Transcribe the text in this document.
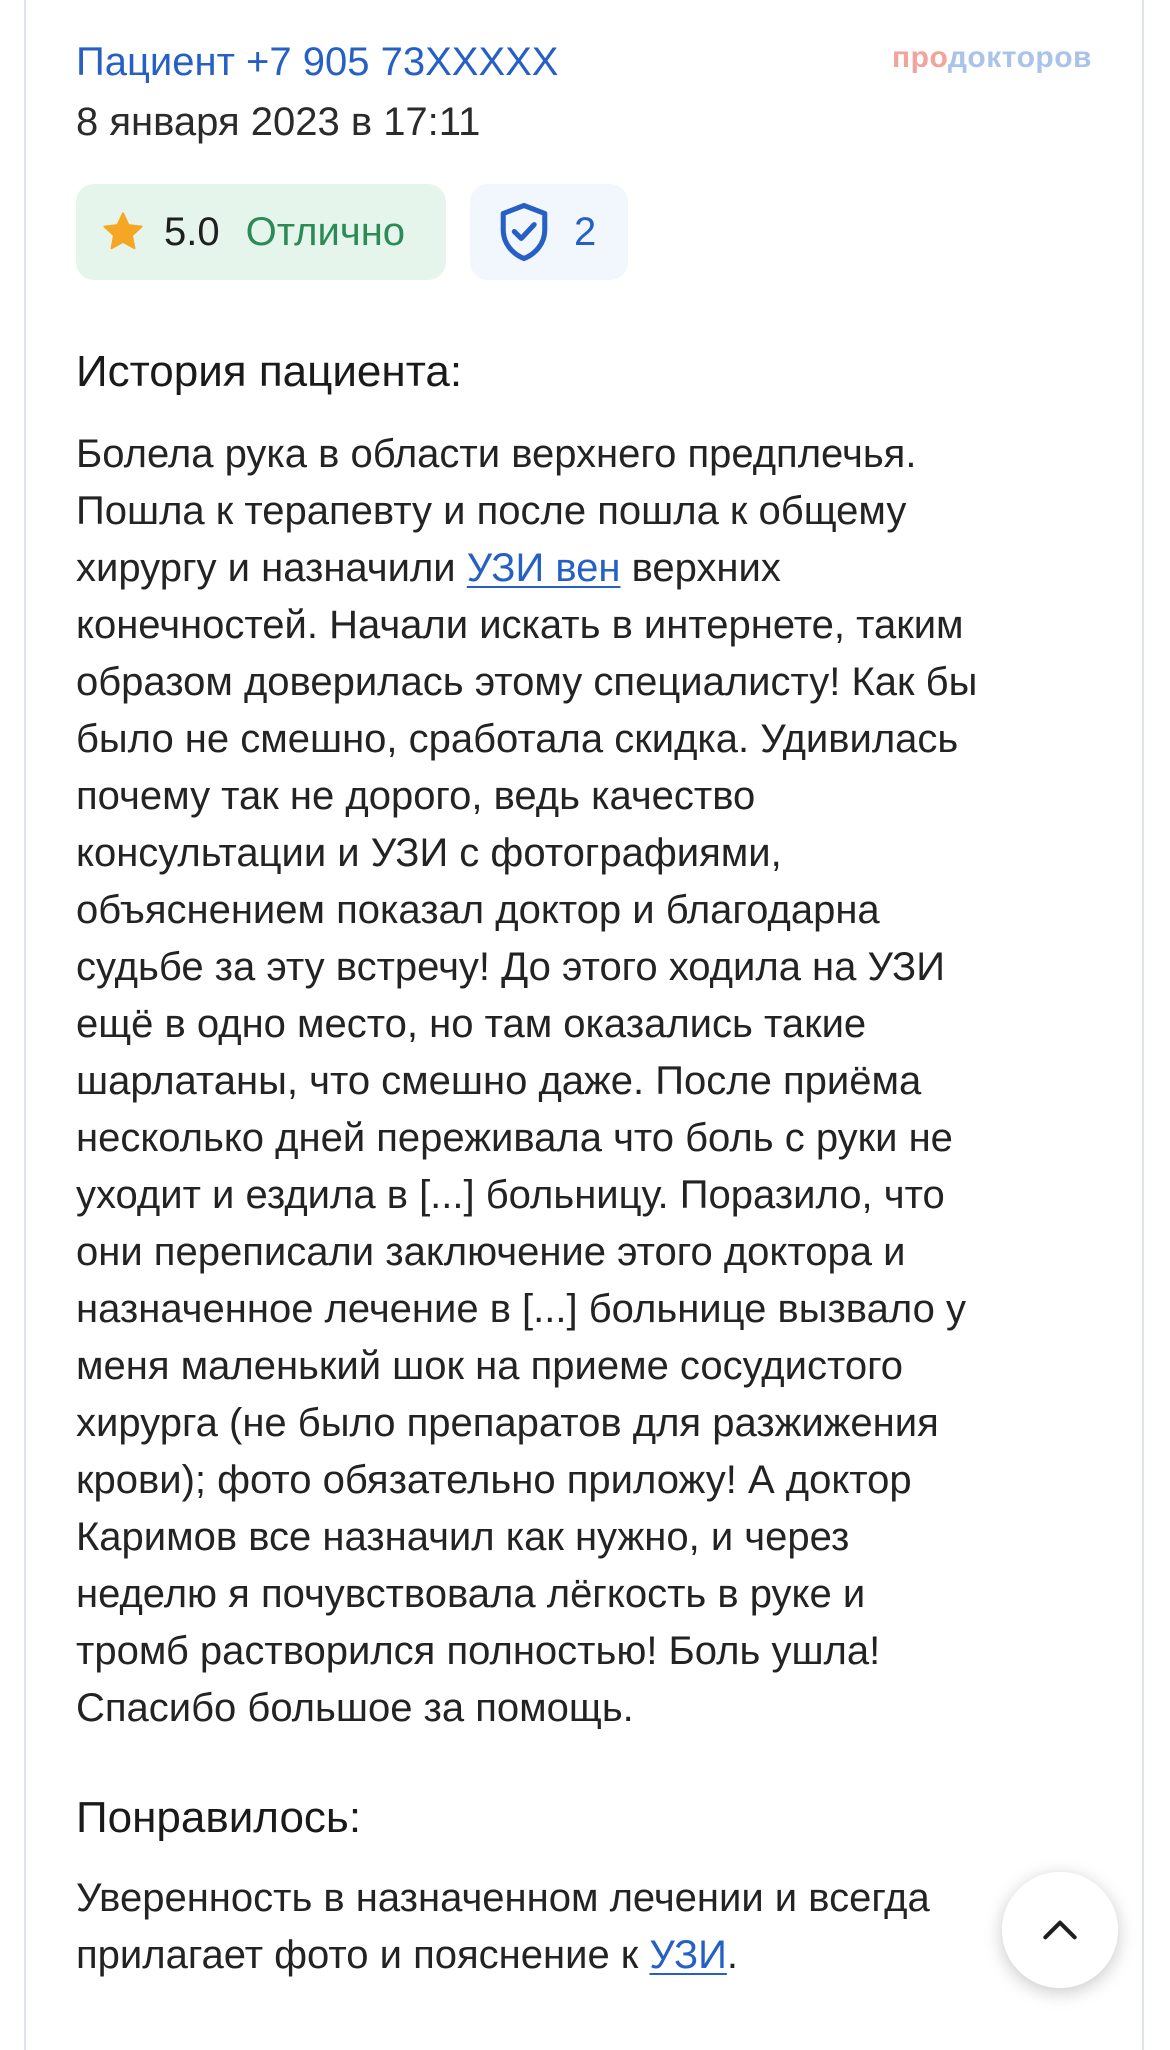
Пациент +7 905 73XXXXX
8 января 2023 в 17:11
продокторов
5.0 Отлично	2
История пациента:
Болела рука в области верхнего предплечья.
Пошла к терапевту и после пошла к общему
хирургу и назначили УЗИ вен верхних
конечностей. Начали искать в интернете, таким
образом доверилась этому специалисту! Как бы
было не смешно, сработала скидка. Удивилась
почему так не дорого, ведь качество
консультации и УЗИ с фотографиями,
объяснением показал доктор и благодарна
судьбе за эту встречу! До этого ходила на УЗИ
ещё в одно место, но там оказались такие
шарлатаны, что смешно даже. После приёма
несколько дней переживала что боль с руки не
уходит и ездила в [...] больницу. Поразило, что
они переписали заключение этого доктора и
назначенное лечение в [...] больнице вызвало у
меня маленький шок на приеме сосудистого
хирурга (не было препаратов для разжижения
крови); фото обязательно приложу! А доктор
Каримов все назначил как нужно, и через
неделю я почувствовала лёгкость в руке и
тромб растворился полностью! Боль ушла!
Спасибо большое за помощь.
Понравилось:
Уверенность в назначенном лечении и всегда
прилагает фото и пояснение к УЗИ.
